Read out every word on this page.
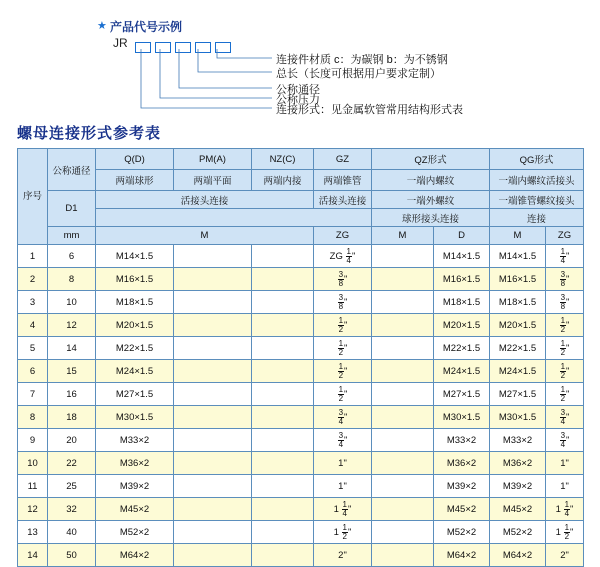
★ 产品代号示例
JR
连接件材质 c：为碳钢 b：为不锈钢
总长（长度可根据用户要求定制）
公称通径
公称压力
连接形式：见金属软管常用结构形式表
螺母连接形式参考表
序号	公称通径	Q(D)	PM(A)	NZ(C)	GZ	QZ形式		QG形式	
		两端球形	两端平面	两端内接	两端锥管	一端内螺纹		一端内螺纹活接头	
	D1	活接头连接			活接头连接	一端外螺纹		一端锥管螺纹接头	
						球形接头连接		连接	
	mm	M			ZG	M	D	M	ZG
1	6	M14×1.5			ZG $\frac{1}{4}$ "		M14×1.5	M14×1.5	$\frac{1}{4}$ "
2	8	M16×1.5			$\frac{3}{8}$ "		M16×1.5	M16×1.5	$\frac{3}{8}$ "
3	10	M18×1.5			$\frac{3}{8}$ "		M18×1.5	M18×1.5	$\frac{3}{8}$ "
4	12	M20×1.5			$\frac{1}{2}$ "		M20×1.5	M20×1.5	$\frac{1}{2}$ "
5	14	M22×1.5			$\frac{1}{2}$ "		M22×1.5	M22×1.5	$\frac{1}{2}$ "
6	15	M24×1.5			$\frac{1}{2}$ "		M24×1.5	M24×1.5	$\frac{1}{2}$ "
7	16	M27×1.5			$\frac{1}{2}$ "		M27×1.5	M27×1.5	$\frac{1}{2}$ "
8	18	M30×1.5			$\frac{3}{4}$ "		M30×1.5	M30×1.5	$\frac{3}{4}$ "
9	20	M33×2			$\frac{3}{4}$ "		M33×2	M33×2	$\frac{3}{4}$ "
10	22	M36×2			1"		M36×2	M36×2	1"
11	25	M39×2			1"		M39×2	M39×2	1"
12	32	M45×2			$1 \frac{1}{4}$ "		M45×2	M45×2	$1 \frac{1}{4}$ "
13	40	M52×2			$1 \frac{1}{2}$ "		M52×2	M52×2	$1 \frac{1}{2}$ "
14	50	M64×2			2"		M64×2	M64×2	2"
